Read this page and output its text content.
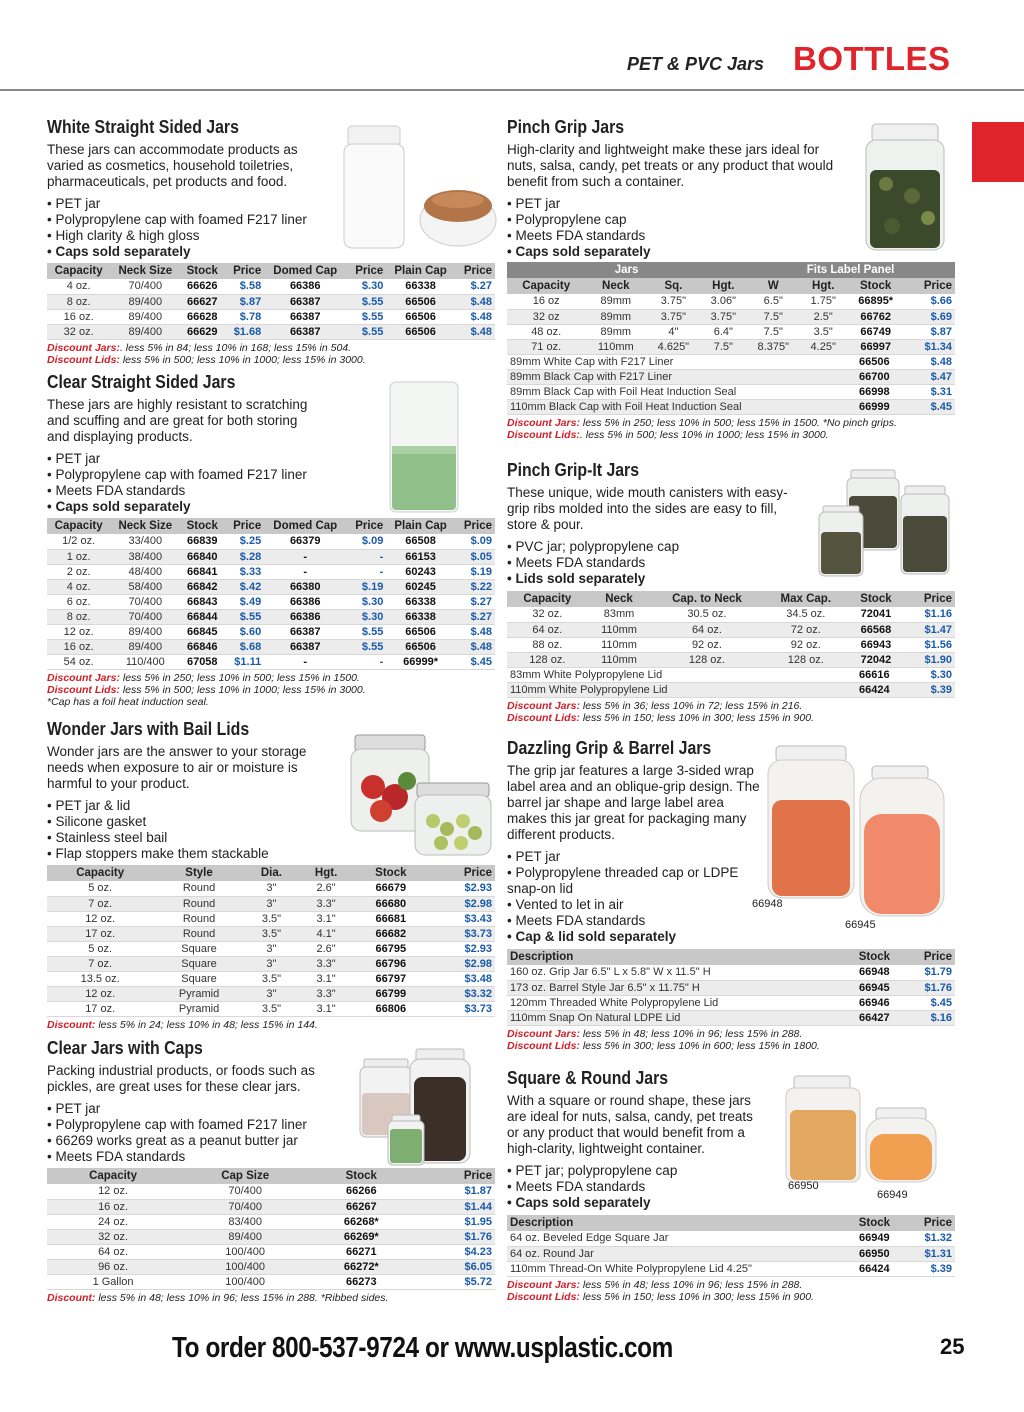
PET & PVC Jars BOTTLES
White Straight Sided Jars
These jars can accommodate products as varied as cosmetics, household toiletries, pharmaceuticals, pet products and food.
• PET jar
• Polypropylene cap with foamed F217 liner
• High clarity & high gloss
• Caps sold separately
Capacity	Neck Size	Stock	Price	Domed Cap	Price	Plain Cap	Price
4 oz.	70/400	66626	$.58	66386	$.30	66338	$.27
8 oz.	89/400	66627	$.87	66387	$.55	66506	$.48
16 oz.	89/400	66628	$.78	66387	$.55	66506	$.48
32 oz.	89/400	66629	$1.68	66387	$.55	66506	$.48
Discount Jars:. less 5% in 84; less 10% in 168; less 15% in 504.
Discount Lids: less 5% in 500; less 10% in 1000; less 15% in 3000.
Clear Straight Sided Jars
These jars are highly resistant to scratching and scuffing and are great for both storing and displaying products.
• PET jar
• Polypropylene cap with foamed F217 liner
• Meets FDA standards
• Caps sold separately
Capacity	Neck Size	Stock	Price	Domed Cap	Price	Plain Cap	Price
1/2 oz.	33/400	66839	$.25	66379	$.09	66508	$.09
1 oz.	38/400	66840	$.28	-	-	66153	$.05
2 oz.	48/400	66841	$.33	-	-	60243	$.19
4 oz.	58/400	66842	$.42	66380	$.19	60245	$.22
6 oz.	70/400	66843	$.49	66386	$.30	66338	$.27
8 oz.	70/400	66844	$.55	66386	$.30	66338	$.27
12 oz.	89/400	66845	$.60	66387	$.55	66506	$.48
16 oz.	89/400	66846	$.68	66387	$.55	66506	$.48
54 oz.	110/400	67058	$1.11	-	-	66999*	$.45
Discount Jars: less 5% in 250; less 10% in 500; less 15% in 1500.
Discount Lids: less 5% in 500; less 10% in 1000; less 15% in 3000.
*Cap has a foil heat induction seal.
Wonder Jars with Bail Lids
Wonder jars are the answer to your storage needs when exposure to air or moisture is harmful to your product.
• PET jar & lid
• Silicone gasket
• Stainless steel bail
• Flap stoppers make them stackable
Capacity	Style	Dia.	Hgt.	Stock	Price
5 oz.	Round	3"	2.6"	66679	$2.93
7 oz.	Round	3"	3.3"	66680	$2.98
12 oz.	Round	3.5"	3.1"	66681	$3.43
17 oz.	Round	3.5"	4.1"	66682	$3.73
5 oz.	Square	3"	2.6"	66795	$2.93
7 oz.	Square	3"	3.3"	66796	$2.98
13.5 oz.	Square	3.5"	3.1"	66797	$3.48
12 oz.	Pyramid	3"	3.3"	66799	$3.32
17 oz.	Pyramid	3.5"	3.1"	66806	$3.73
Discount: less 5% in 24; less 10% in 48; less 15% in 144.
Clear Jars with Caps
Packing industrial products, or foods such as pickles, are great uses for these clear jars.
• PET jar
• Polypropylene cap with foamed F217 liner
• 66269 works great as a peanut butter jar
• Meets FDA standards
Capacity	Cap Size	Stock	Price
12 oz.	70/400	66266	$1.87
16 oz.	70/400	66267	$1.44
24 oz.	83/400	66268*	$1.95
32 oz.	89/400	66269*	$1.76
64 oz.	100/400	66271	$4.23
96 oz.	100/400	66272*	$6.05
1 Gallon	100/400	66273	$5.72
Discount: less 5% in 48; less 10% in 96; less 15% in 288. *Ribbed sides.
Pinch Grip Jars
High-clarity and lightweight make these jars ideal for nuts, salsa, candy, pet treats or any product that would benefit from such a container.
• PET jar
• Polypropylene cap
• Meets FDA standards
• Caps sold separately
Jars				Fits Label Panel			
Capacity	Neck	Sq.	Hgt.	W	Hgt.	Stock	Price
16 oz	89mm	3.75"	3.06"	6.5"	1.75"	66895*	$.66
32 oz	89mm	3.75"	3.75"	7.5"	2.5"	66762	$.69
48 oz.	89mm	4"	6.4"	7.5"	3.5"	66749	$.87
71 oz.	110mm	4.625"	7.5"	8.375"	4.25"	66997	$1.34
89mm White Cap with F217 Liner	66506	$.48
89mm Black Cap with F217 Liner	66700	$.47
89mm Black Cap with Foil Heat Induction Seal	66998	$.31
110mm Black Cap with Foil Heat Induction Seal	66999	$.45
Discount Jars: less 5% in 250; less 10% in 500; less 15% in 1500. *No pinch grips.
Discount Lids:. less 5% in 500; less 10% in 1000; less 15% in 3000.
Pinch Grip-It Jars
These unique, wide mouth canisters with easy-grip ribs molded into the sides are easy to fill, store & pour.
• PVC jar; polypropylene cap
• Meets FDA standards
• Lids sold separately
Capacity	Neck	Cap. to Neck	Max Cap.	Stock	Price
32 oz.	83mm	30.5 oz.	34.5 oz.	72041	$1.16
64 oz.	110mm	64 oz.	72 oz.	66568	$1.47
88 oz.	110mm	92 oz.	92 oz.	66943	$1.56
128 oz.	110mm	128 oz.	128 oz.	72042	$1.90
83mm White Polypropylene Lid	66616	$.30
110mm White Polypropylene Lid	66424	$.39
Discount Jars: less 5% in 36; less 10% in 72; less 15% in 216.
Discount Lids: less 5% in 150; less 10% in 300; less 15% in 900.
Dazzling Grip & Barrel Jars
The grip jar features a large 3-sided wrap label area and an oblique-grip design. The barrel jar shape and large label area makes this jar great for packaging many different products.
• PET jar
• Polypropylene threaded cap or LDPE snap-on lid
• Vented to let in air
• Meets FDA standards
• Cap & lid sold separately
Description	Stock	Price
160 oz. Grip Jar 6.5" L x 5.8" W x 11.5" H	66948	$1.79
173 oz. Barrel Style Jar 6.5" x 11.75" H	66945	$1.76
120mm Threaded White Polypropylene Lid	66946	$.45
110mm Snap On Natural LDPE Lid	66427	$.16
Discount Jars: less 5% in 48; less 10% in 96; less 15% in 288.
Discount Lids: less 5% in 300; less 10% in 600; less 15% in 1800.
66948
66945
Square & Round Jars
With a square or round shape, these jars are ideal for nuts, salsa, candy, pet treats or any product that would benefit from a high-clarity, lightweight container.
• PET jar; polypropylene cap
• Meets FDA standards
• Caps sold separately
Description	Stock	Price
64 oz. Beveled Edge Square Jar	66949	$1.32
64 oz. Round Jar	66950	$1.31
110mm Thread-On White Polypropylene Lid 4.25"	66424	$.39
Discount Jars: less 5% in 48; less 10% in 96; less 15% in 288.
Discount Lids: less 5% in 150; less 10% in 300; less 15% in 900.
66950
66949
To order 800-537-9724 or www.usplastic.com	25
